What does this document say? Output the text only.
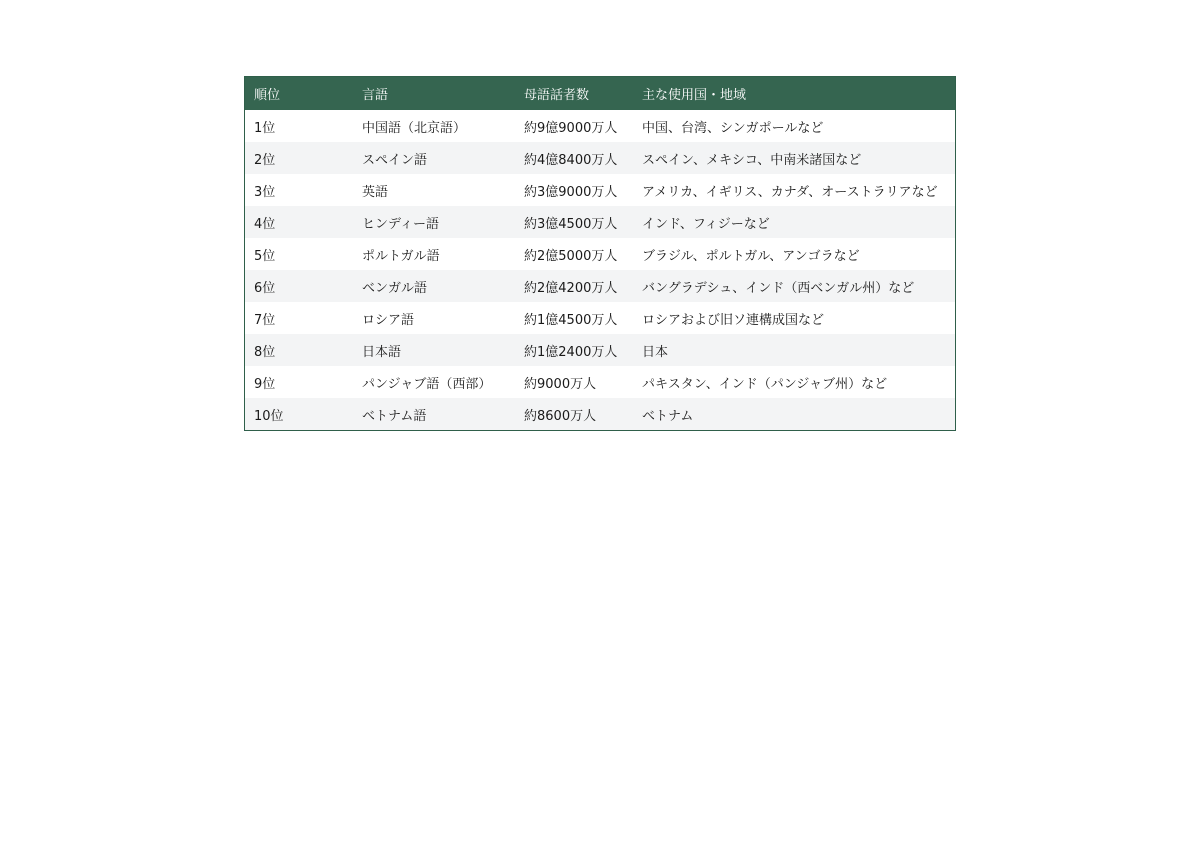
順位	言語	母語話者数	主な使用国・地域
1位	中国語（北京語）	約9億9000万人	中国、台湾、シンガポールなど
2位	スペイン語	約4億8400万人	スペイン、メキシコ、中南米諸国など
3位	英語	約3億9000万人	アメリカ、イギリス、カナダ、オーストラリアなど
4位	ヒンディー語	約3億4500万人	インド、フィジーなど
5位	ポルトガル語	約2億5000万人	ブラジル、ポルトガル、アンゴラなど
6位	ベンガル語	約2億4200万人	バングラデシュ、インド（西ベンガル州）など
7位	ロシア語	約1億4500万人	ロシアおよび旧ソ連構成国など
8位	日本語	約1億2400万人	日本
9位	パンジャブ語（西部）	約9000万人	パキスタン、インド（パンジャブ州）など
10位	ベトナム語	約8600万人	ベトナム
